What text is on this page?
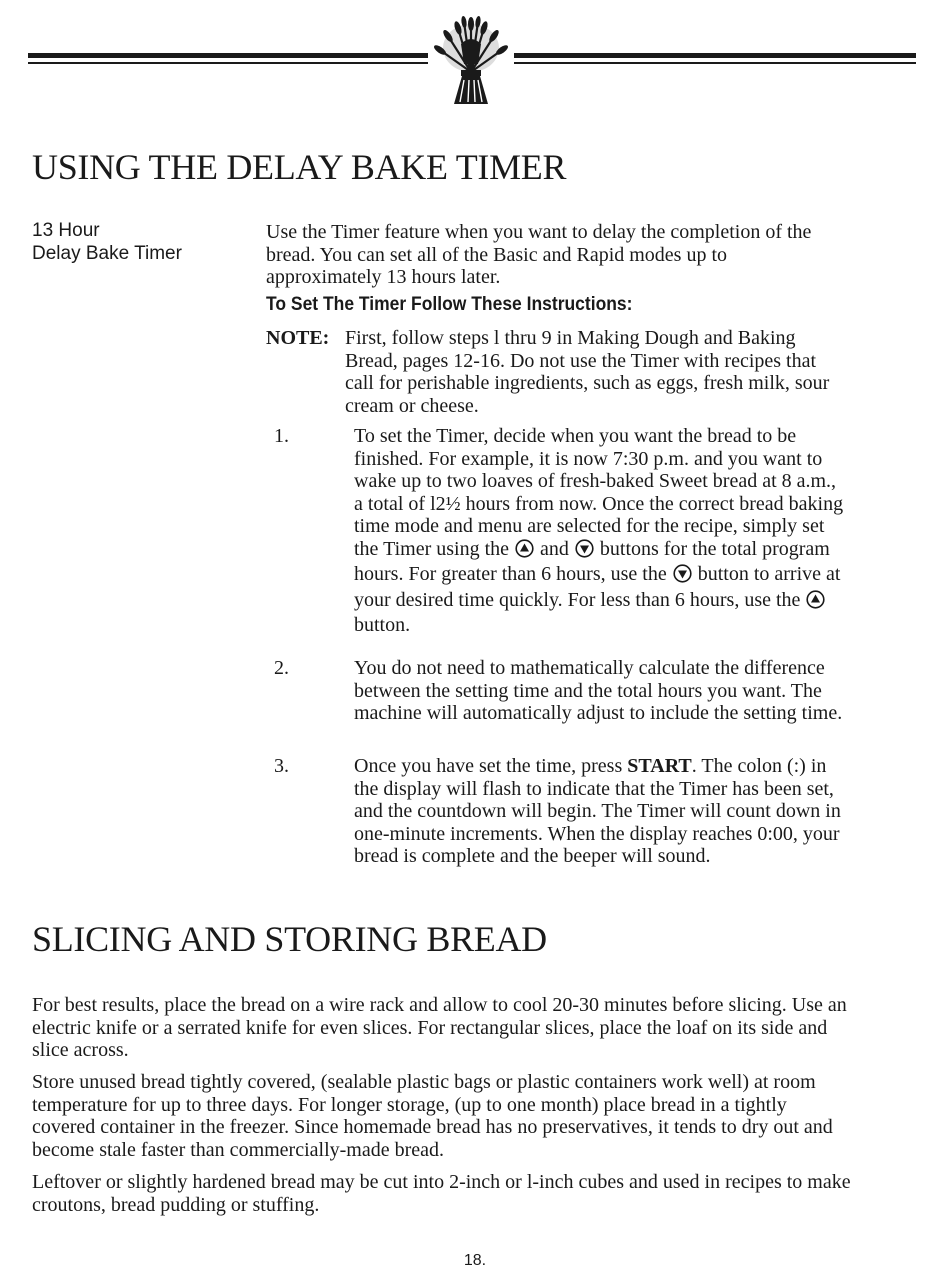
USING THE DELAY BAKE TIMER
13 Hour
Delay Bake Timer

Use the Timer feature when you want to delay the completion of the bread. You can set all of the Basic and Rapid modes up to approximately 13 hours later.

To Set The Timer Follow These Instructions:
NOTE: First, follow steps l thru 9 in Making Dough and Baking Bread, pages 12-16. Do not use the Timer with recipes that call for perishable ingredients, such as eggs, fresh milk, sour cream or cheese.

1.	To set the Timer, decide when you want the bread to be finished. For example, it is now 7:30 p.m. and you want to wake up to two loaves of fresh-baked Sweet bread at 8 a.m., a total of l2½ hours from now. Once the correct bread baking time mode and menu are selected for the recipe, simply set the Timer using the and buttons for the total program hours. For greater than 6 hours, use the button to arrive at your desired time quickly. For less than 6 hours, use the  button.

2.	You do not need to mathematically calculate the difference between the setting time and the total hours you want. The machine will automatically adjust to include the setting time.

3.	Once you have set the time, press START. The colon (:) in the display will flash to indicate that the Timer has been set, and the countdown will begin. The Timer will count down in one-minute increments. When the display reaches 0:00, your bread is complete and the beeper will sound.

SLICING AND STORING BREAD

For best results, place the bread on a wire rack and allow to cool 20-30 minutes before slicing. Use an electric knife or a serrated knife for even slices. For rectangular slices, place the loaf on its side and slice across.

Store unused bread tightly covered, (sealable plastic bags or plastic containers work well) at room temperature for up to three days. For longer storage, (up to one month) place bread in a tightly covered container in the freezer. Since homemade bread has no preservatives, it tends to dry out and become stale faster than commercially-made bread.

Leftover or slightly hardened bread may be cut into 2-inch or l-inch cubes and used in recipes to make croutons, bread pudding or stuffing.

18.
